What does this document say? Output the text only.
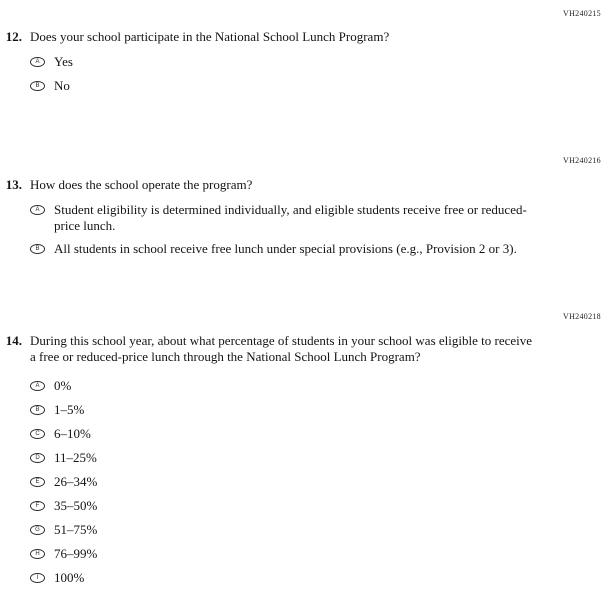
VH240215
12. Does your school participate in the National School Lunch Program?
A	Yes
B	No
VH240216
13. How does the school operate the program?
A	Student eligibility is determined individually, and eligible students receive free or reduced-price lunch.
B	All students in school receive free lunch under special provisions (e.g., Provision 2 or 3).
VH240218
14. During this school year, about what percentage of students in your school was eligible to receive a free or reduced-price lunch through the National School Lunch Program?
A	0%
B	1–5%
C	6–10%
D	11–25%
E	26–34%
F	35–50%
G	51–75%
H	76–99%
I	100%
